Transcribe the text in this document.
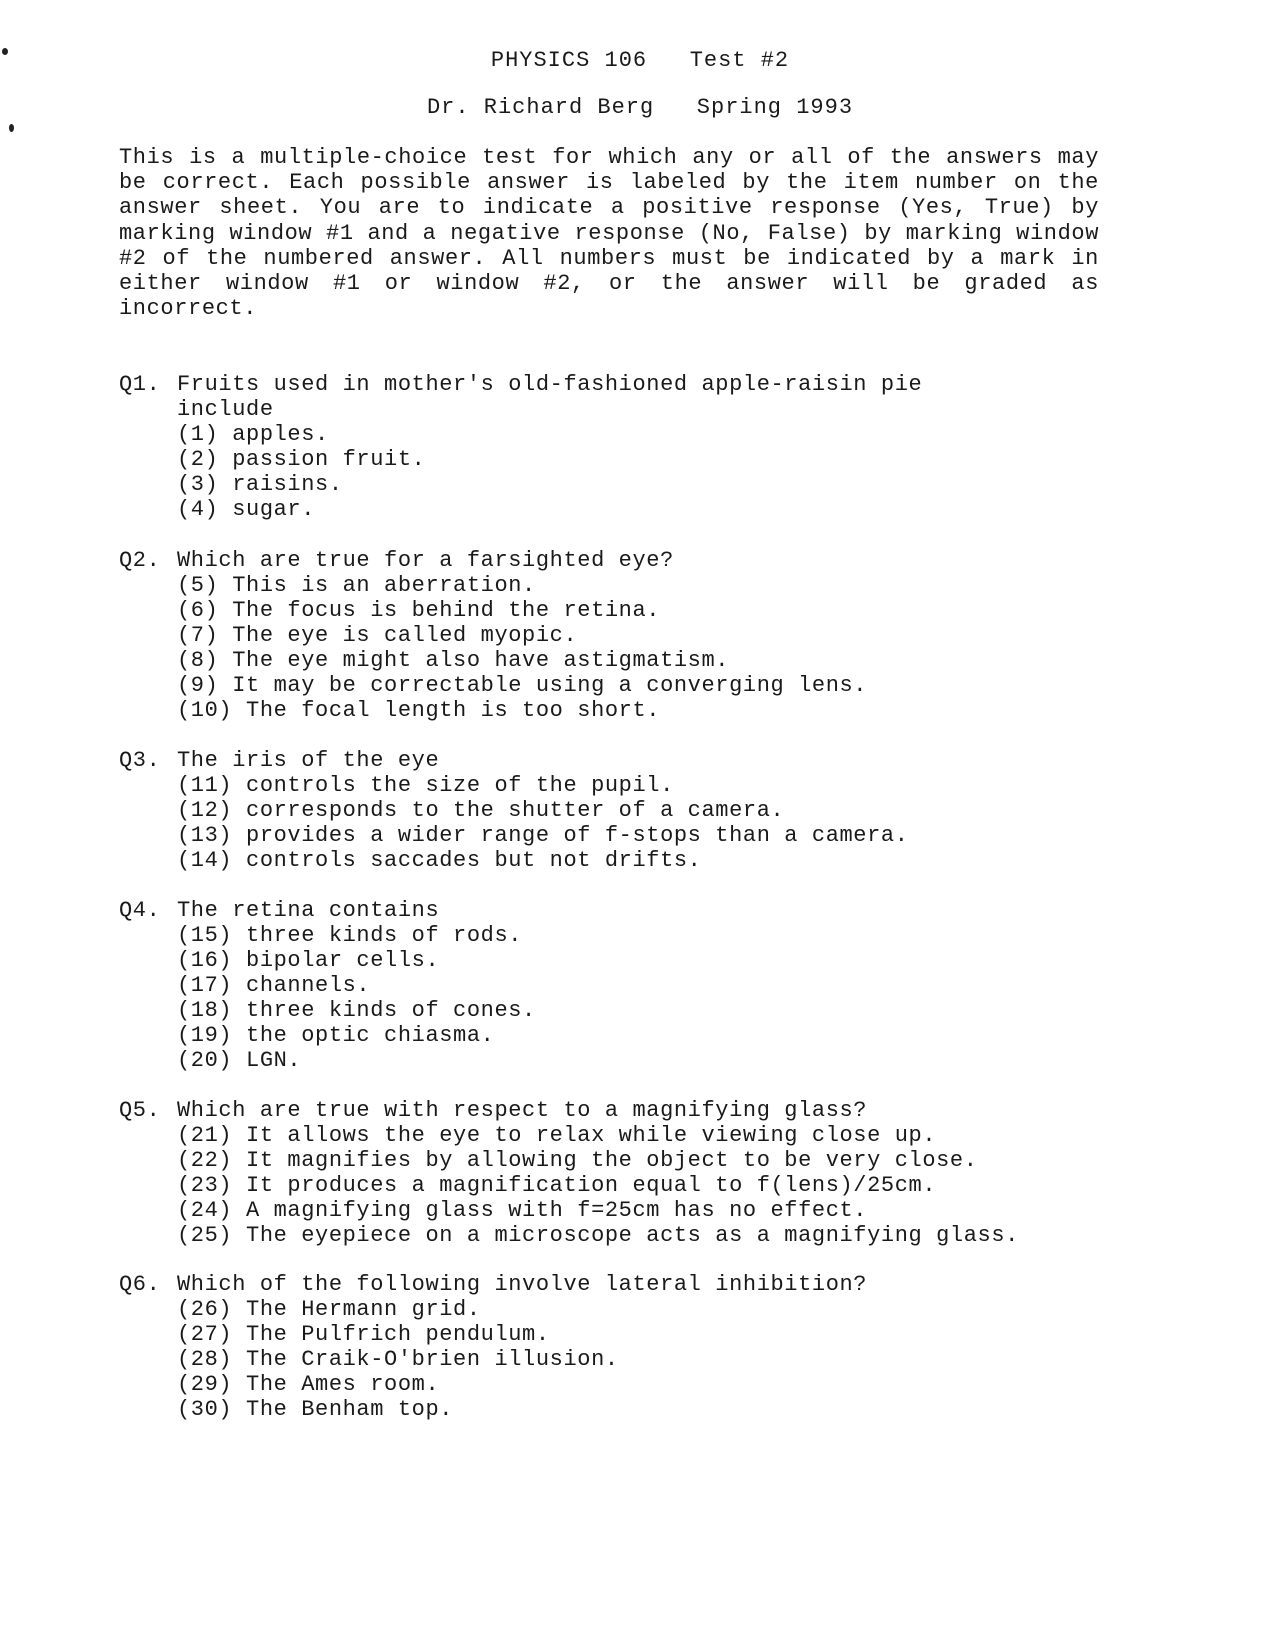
PHYSICS 106   Test #2
Dr. Richard Berg   Spring 1993
This is a multiple-choice test for which any or all of the answers may be correct. Each possible answer is labeled by the item number on the answer sheet. You are to indicate a positive response (Yes, True) by marking window #1 and a negative response (No, False) by marking window #2 of the numbered answer. All numbers must be indicated by a mark in either window #1 or window #2, or the answer will be graded as incorrect.
Q1. Fruits used in mother's old-fashioned apple-raisin pie include
(1) apples.
(2) passion fruit.
(3) raisins.
(4) sugar.
Q2. Which are true for a farsighted eye?
(5) This is an aberration.
(6) The focus is behind the retina.
(7) The eye is called myopic.
(8) The eye might also have astigmatism.
(9) It may be correctable using a converging lens.
(10) The focal length is too short.
Q3. The iris of the eye
(11) controls the size of the pupil.
(12) corresponds to the shutter of a camera.
(13) provides a wider range of f-stops than a camera.
(14) controls saccades but not drifts.
Q4. The retina contains
(15) three kinds of rods.
(16) bipolar cells.
(17) channels.
(18) three kinds of cones.
(19) the optic chiasma.
(20) LGN.
Q5. Which are true with respect to a magnifying glass?
(21) It allows the eye to relax while viewing close up.
(22) It magnifies by allowing the object to be very close.
(23) It produces a magnification equal to f(lens)/25cm.
(24) A magnifying glass with f=25cm has no effect.
(25) The eyepiece on a microscope acts as a magnifying glass.
Q6. Which of the following involve lateral inhibition?
(26) The Hermann grid.
(27) The Pulfrich pendulum.
(28) The Craik-O'brien illusion.
(29) The Ames room.
(30) The Benham top.
